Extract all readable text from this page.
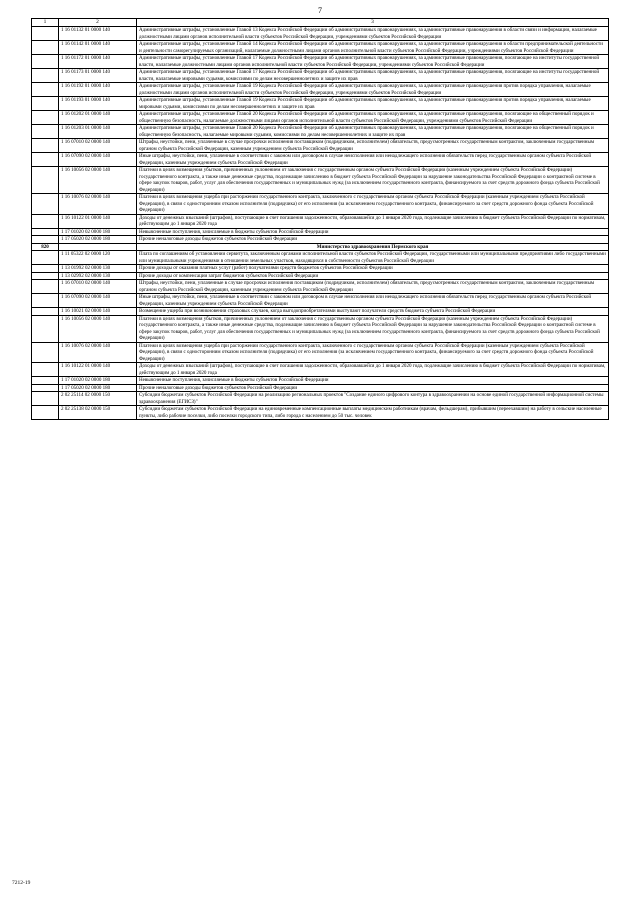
7
1	2	3
	1 16 01132 01 0000 140	Административные штрафы, установленные Главой 13 Кодекса Российской Федерации об административных правонарушениях, за административные правонарушения в области связи и информации, налагаемые должностными лицами органов исполнительной власти субъектов Российской Федерации, учреждениями субъектов Российской Федерации
	1 16 01142 01 0000 140	Административные штрафы, установленные Главой 14 Кодекса Российской Федерации об административных правонарушениях, за административные правонарушения в области предпринимательской деятельности и деятельности саморегулируемых организаций, налагаемые должностными лицами органов исполнительной власти субъектов Российской Федерации, учреждениями субъектов Российской Федерации
	1 16 01172 01 0000 140	Административные штрафы, установленные Главой 17 Кодекса Российской Федерации об административных правонарушениях, за административные правонарушения, посягающие на институты государственной власти, налагаемые должностными лицами органов исполнительной власти субъектов Российской Федерации, учреждениями субъектов Российской Федерации
	1 16 01173 01 0000 140	Административные штрафы, установленные Главой 17 Кодекса Российской Федерации об административных правонарушениях, за административные правонарушения, посягающие на институты государственной власти, налагаемые мировыми судьями, комиссиями по делам несовершеннолетних и защите их прав
	1 16 01192 01 0000 140	Административные штрафы, установленные Главой 19 Кодекса Российской Федерации об административных правонарушениях, за административные правонарушения против порядка управления, налагаемые должностными лицами органов исполнительной власти субъектов Российской Федерации, учреждениями субъектов Российской Федерации
	1 16 01193 01 0000 140	Административные штрафы, установленные Главой 19 Кодекса Российской Федерации об административных правонарушениях, за административные правонарушения против порядка управления, налагаемые мировыми судьями, комиссиями по делам несовершеннолетних и защите их прав
	1 16 01202 01 0000 140	Административные штрафы, установленные Главой 20 Кодекса Российской Федерации об административных правонарушениях, за административные правонарушения, посягающие на общественный порядок и общественную безопасность, налагаемые должностными лицами органов исполнительной власти субъектов Российской Федерации, учреждениями субъектов Российской Федерации
	1 16 01203 01 0000 140	Административные штрафы, установленные Главой 20 Кодекса Российской Федерации об административных правонарушениях, за административные правонарушения, посягающие на общественный порядок и общественную безопасность, налагаемые мировыми судьями, комиссиями по делам несовершеннолетних и защите их прав
	1 16 07010 02 0000 140	Штрафы, неустойки, пени, уплаченные в случае просрочки исполнения поставщиком (подрядчиком, исполнителем) обязательств, предусмотренных государственным контрактом, заключенным государственным органом субъекта Российской Федерации, казенным учреждением субъекта Российской Федерации
	1 16 07090 02 0000 140	Иные штрафы, неустойки, пени, уплаченные в соответствии с законом или договором в случае неисполнения или ненадлежащего исполнения обязательств перед государственным органом субъекта Российской Федерации, казенным учреждением субъекта Российской Федерации
	1 16 10056 02 0000 140	Платежи в целях возмещения убытков, причиненных уклонением от заключения с государственным органом субъекта Российской Федерации (казенным учреждением субъекта Российской Федерации) государственного контракта, а также иные денежные средства, подлежащие зачислению в бюджет субъекта Российской Федерации за нарушение законодательства Российской Федерации о контрактной системе в сфере закупок товаров, работ, услуг для обеспечения государственных и муниципальных нужд (за исключением государственного контракта, финансируемого за счет средств дорожного фонда субъекта Российской Федерации)
	1 16 10076 02 0000 140	Платежи в целях возмещения ущерба при расторжении государственного контракта, заключенного с государственным органом субъекта Российской Федерации (казенным учреждением субъекта Российской Федерации), в связи с односторонним отказом исполнителя (подрядчика) от его исполнения (за исключением государственного контракта, финансируемого за счет средств дорожного фонда субъекта Российской Федерации)
	1 16 10122 01 0000 140	Доходы от денежных взысканий (штрафов), поступающие в счет погашения задолженности, образовавшейся до 1 января 2020 года, подлежащие зачислению в бюджет субъекта Российской Федерации по нормативам, действующим до 1 января 2020 года
	1 17 01020 02 0000 180	Невыясненные поступления, зачисляемые в бюджеты субъектов Российской Федерации
	1 17 05020 02 0000 180	Прочие неналоговые доходы бюджетов субъектов Российской Федерации
820		Министерство здравоохранения Пермского края
	1 11 05322 02 0000 120	Плата по соглашениям об установлении сервитута, заключенным органами исполнительной власти субъектов Российской Федерации, государственными или муниципальными предприятиями либо государственными или муниципальными учреждениями в отношении земельных участков, находящихся в собственности субъектов Российской Федерации
	1 13 01992 02 0000 130	Прочие доходы от оказания платных услуг (работ) получателями средств бюджетов субъектов Российской Федерации
	1 13 02992 02 0000 130	Прочие доходы от компенсации затрат бюджетов субъектов Российской Федерации
	1 16 07010 02 0000 140	Штрафы, неустойки, пени, уплаченные в случае просрочки исполнения поставщиком (подрядчиком, исполнителем) обязательств, предусмотренных государственным контрактом, заключенным государственным органом субъекта Российской Федерации, казенным учреждением субъекта Российской Федерации
	1 16 07090 02 0000 140	Иные штрафы, неустойки, пени, уплаченные в соответствии с законом или договором в случае неисполнения или ненадлежащего исполнения обязательств перед государственным органом субъекта Российской Федерации, казенным учреждением субъекта Российской Федерации
	1 16 10021 02 0000 140	Возмещение ущерба при возникновении страховых случаев, когда выгодоприобретателями выступают получатели средств бюджета субъекта Российской Федерации
	1 16 10056 02 0000 140	Платежи в целях возмещения убытков, причиненных уклонением от заключения с государственным органом субъекта Российской Федерации (казенным учреждением субъекта Российской Федерации) государственного контракта, а также иные денежные средства, подлежащие зачислению в бюджет субъекта Российской Федерации за нарушение законодательства Российской Федерации о контрактной системе в сфере закупок товаров, работ, услуг для обеспечения государственных и муниципальных нужд (за исключением государственного контракта, финансируемого за счет средств дорожного фонда субъекта Российской Федерации)
	1 16 10076 02 0000 140	Платежи в целях возмещения ущерба при расторжении государственного контракта, заключенного с государственным органом субъекта Российской Федерации (казенным учреждением субъекта Российской Федерации), в связи с односторонним отказом исполнителя (подрядчика) от его исполнения (за исключением государственного контракта, финансируемого за счет средств дорожного фонда субъекта Российской Федерации)
	1 16 10122 01 0000 140	Доходы от денежных взысканий (штрафов), поступающие в счет погашения задолженности, образовавшейся до 1 января 2020 года, подлежащие зачислению в бюджет субъекта Российской Федерации по нормативам, действующим до 1 января 2020 года
	1 17 01020 02 0000 180	Невыясненные поступления, зачисляемые в бюджеты субъектов Российской Федерации
	1 17 05020 02 0000 180	Прочие неналоговые доходы бюджетов субъектов Российской Федерации
	2 02 25114 02 0000 150	Субсидии бюджетам субъектов Российской Федерации на реализацию региональных проектов "Создание единого цифрового контура в здравоохранении на основе единой государственной информационной системы здравоохранения (ЕГИСЗ)"
	2 02 25138 02 0000 150	Субсидии бюджетам субъектов Российской Федерации на единовременные компенсационные выплаты медицинским работникам (врачам, фельдшерам), прибывшим (переехавшим) на работу в сельские населенные пункты, либо рабочие поселки, либо поселки городского типа, либо города с населением до 50 тыс. человек
7212-19
